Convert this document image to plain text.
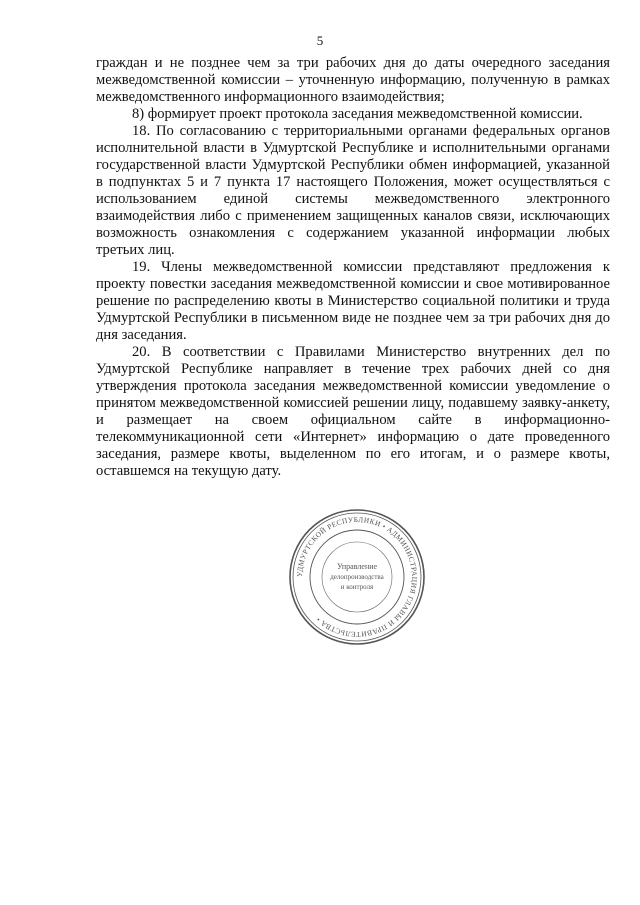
5

граждан и не позднее чем за три рабочих дня до даты очередного заседания межведомственной комиссии – уточненную информацию, полученную в рамках межведомственного информационного взаимодействия;

8) формирует проект протокола заседания межведомственной комиссии.

18. По согласованию с территориальными органами федеральных органов исполнительной власти в Удмуртской Республике и исполнительными органами государственной власти Удмуртской Республики обмен информацией, указанной в подпунктах 5 и 7 пункта 17 настоящего Положения, может осуществляться с использованием единой системы межведомственного электронного взаимодействия либо с применением защищенных каналов связи, исключающих возможность ознакомления с содержанием указанной информации любых третьих лиц.

19. Члены межведомственной комиссии представляют предложения к проекту повестки заседания межведомственной комиссии и свое мотивированное решение по распределению квоты в Министерство социальной политики и труда Удмуртской Республики в письменном виде не позднее чем за три рабочих дня до дня заседания.

20. В соответствии с Правилами Министерство внутренних дел по Удмуртской Республике направляет в течение трех рабочих дней со дня утверждения протокола заседания межведомственной комиссии уведомление о принятом межведомственной комиссией решении лицу, подавшему заявку-анкету, и размещает на своем официальном сайте в информационно-телекоммуникационной сети «Интернет» информацию о дате проведенного заседания, размере квоты, выделенном по его итогам, и о размере квоты, оставшемся на текущую дату.

УДМУРТСКОЙ РЕСПУБЛИКИ • АДМИНИСТРАЦИЯ ГЛАВЫ И ПРАВИТЕЛЬСТВА •
Управление
делопроизводства
и контроля
